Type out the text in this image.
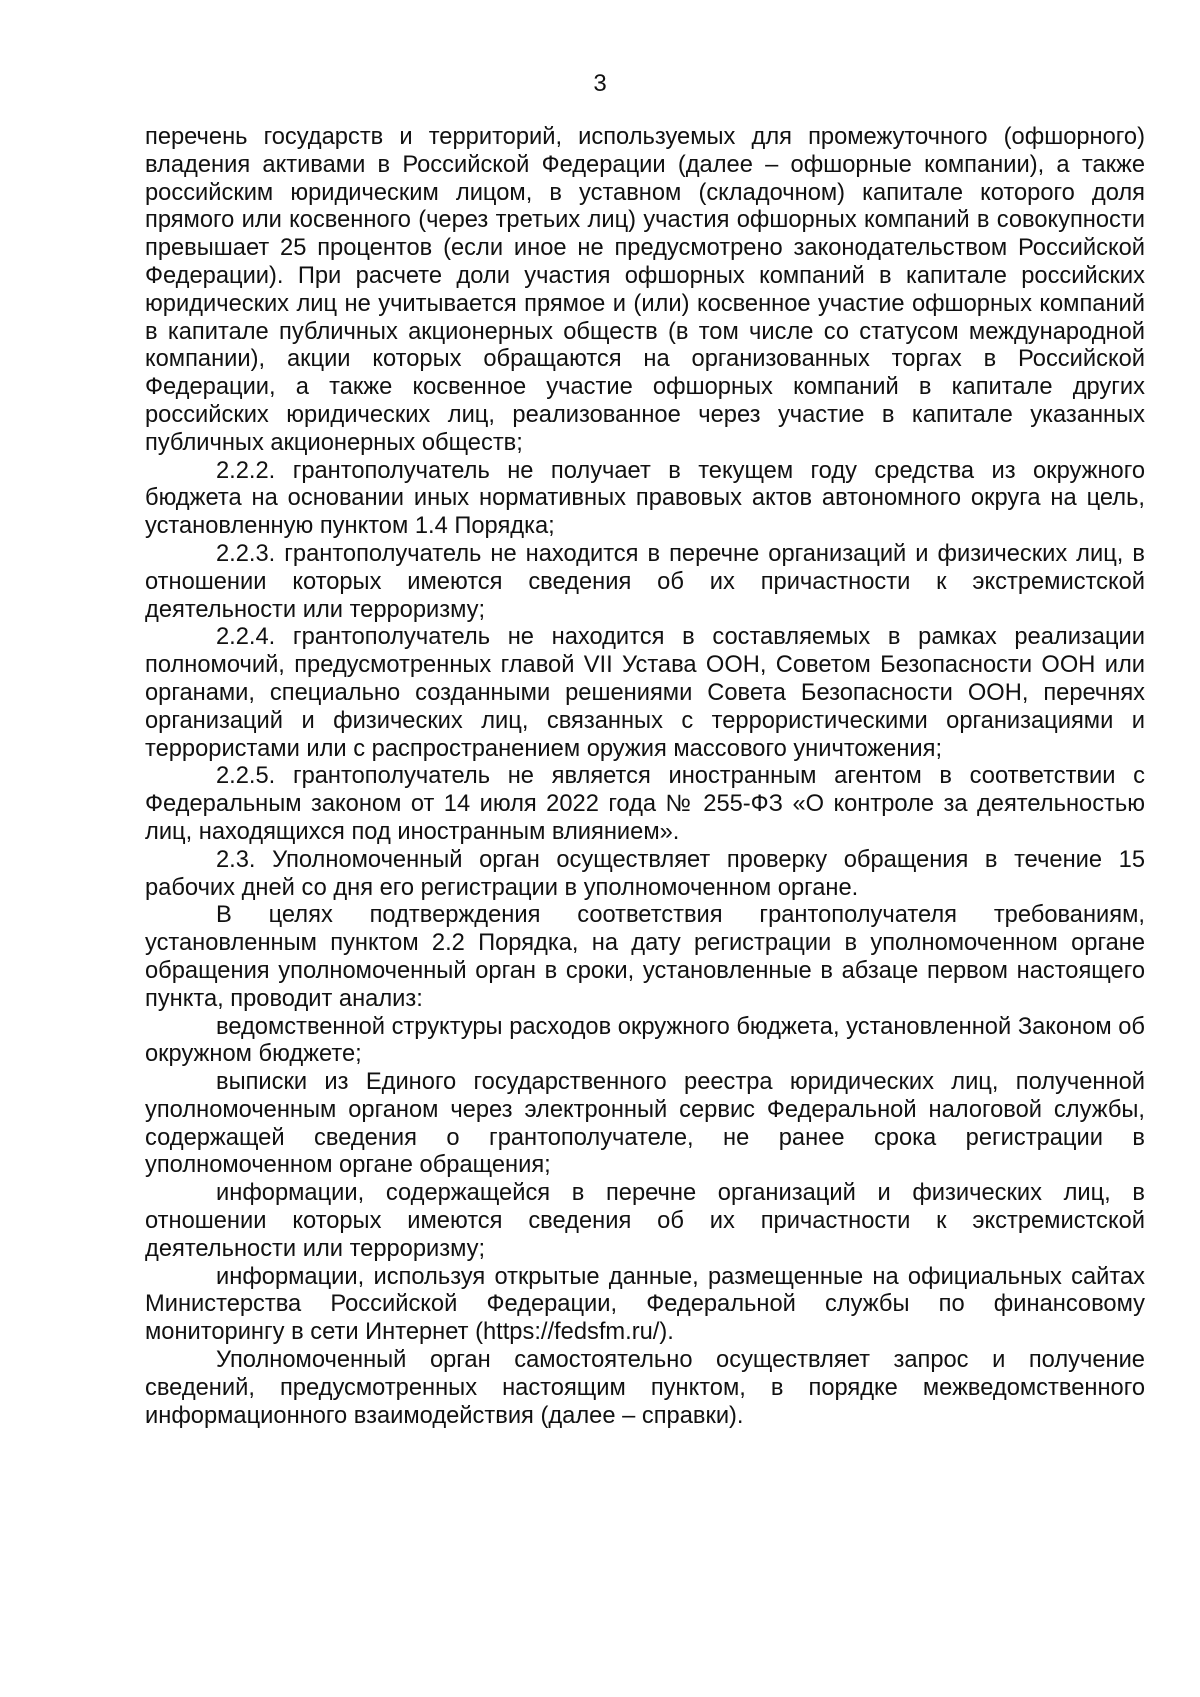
3

перечень государств и территорий, используемых для промежуточного (офшорного) владения активами в Российской Федерации (далее – офшорные компании), а также российским юридическим лицом, в уставном (складочном) капитале которого доля прямого или косвенного (через третьих лиц) участия офшорных компаний в совокупности превышает 25 процентов (если иное не предусмотрено законодательством Российской Федерации). При расчете доли участия офшорных компаний в капитале российских юридических лиц не учитывается прямое и (или) косвенное участие офшорных компаний в капитале публичных акционерных обществ (в том числе со статусом международной компании), акции которых обращаются на организованных торгах в Российской Федерации, а также косвенное участие офшорных компаний в капитале других российских юридических лиц, реализованное через участие в капитале указанных публичных акционерных обществ;

2.2.2. грантополучатель не получает в текущем году средства из окружного бюджета на основании иных нормативных правовых актов автономного округа на цель, установленную пунктом 1.4 Порядка;

2.2.3. грантополучатель не находится в перечне организаций и физических лиц, в отношении которых имеются сведения об их причастности к экстремистской деятельности или терроризму;

2.2.4. грантополучатель не находится в составляемых в рамках реализации полномочий, предусмотренных главой VII Устава ООН, Советом Безопасности ООН или органами, специально созданными решениями Совета Безопасности ООН, перечнях организаций и физических лиц, связанных с террористическими организациями и террористами или с распространением оружия массового уничтожения;

2.2.5. грантополучатель не является иностранным агентом в соответствии с Федеральным законом от 14 июля 2022 года № 255-ФЗ «О контроле за деятельностью лиц, находящихся под иностранным влиянием».

2.3. Уполномоченный орган осуществляет проверку обращения в течение 15 рабочих дней со дня его регистрации в уполномоченном органе.

В целях подтверждения соответствия грантополучателя требованиям, установленным пунктом 2.2 Порядка, на дату регистрации в уполномоченном органе обращения уполномоченный орган в сроки, установленные в абзаце первом настоящего пункта, проводит анализ:

ведомственной структуры расходов окружного бюджета, установленной Законом об окружном бюджете;

выписки из Единого государственного реестра юридических лиц, полученной уполномоченным органом через электронный сервис Федеральной налоговой службы, содержащей сведения о грантополучателе, не ранее срока регистрации в уполномоченном органе обращения;

информации, содержащейся в перечне организаций и физических лиц, в отношении которых имеются сведения об их причастности к экстремистской деятельности или терроризму;

информации, используя открытые данные, размещенные на официальных сайтах Министерства Российской Федерации, Федеральной службы по финансовому мониторингу в сети Интернет (https://fedsfm.ru/).

Уполномоченный орган самостоятельно осуществляет запрос и получение сведений, предусмотренных настоящим пунктом, в порядке межведомственного информационного взаимодействия (далее – справки).
